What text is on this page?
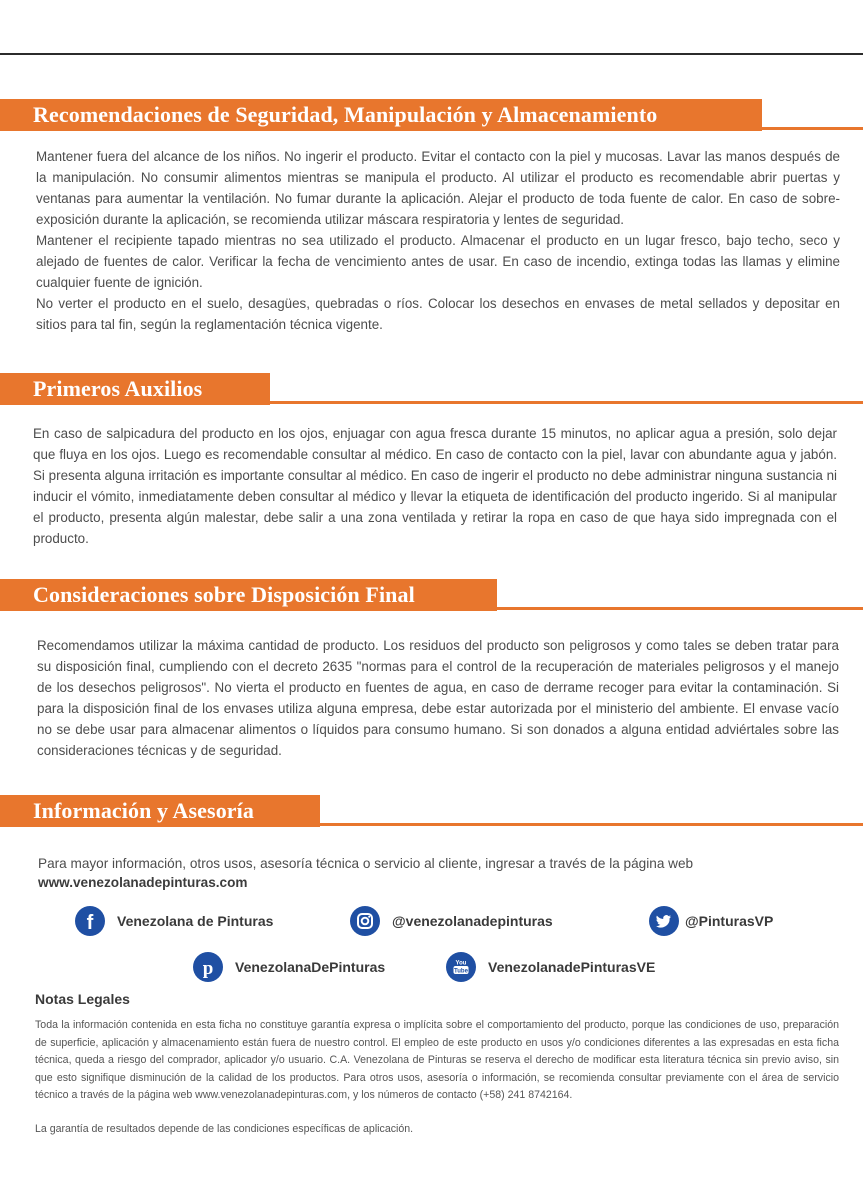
Recomendaciones de Seguridad, Manipulación y Almacenamiento

Mantener fuera del alcance de los niños. No ingerir el producto. Evitar el contacto con la piel y mucosas. Lavar las manos después de la manipulación. No consumir alimentos mientras se manipula el producto. Al utilizar el producto es recomendable abrir puertas y ventanas para aumentar la ventilación. No fumar durante la aplicación. Alejar el producto de toda fuente de calor. En caso de sobre-exposición durante la aplicación, se recomienda utilizar máscara respiratoria y lentes de seguridad.

Mantener el recipiente tapado mientras no sea utilizado el producto. Almacenar el producto en un lugar fresco, bajo techo, seco y alejado de fuentes de calor. Verificar la fecha de vencimiento antes de usar. En caso de incendio, extinga todas las llamas y elimine cualquier fuente de ignición.

No verter el producto en el suelo, desagües, quebradas o ríos. Colocar los desechos en envases de metal sellados y depositar en sitios para tal fin, según la reglamentación técnica vigente.

Primeros Auxilios

En caso de salpicadura del producto en los ojos, enjuagar con agua fresca durante 15 minutos, no aplicar agua a presión, solo dejar que fluya en los ojos. Luego es recomendable consultar al médico. En caso de contacto con la piel, lavar con abundante agua y jabón. Si presenta alguna irritación es importante consultar al médico. En caso de ingerir el producto no debe administrar ninguna sustancia ni inducir el vómito, inmediatamente deben consultar al médico y llevar la etiqueta de identificación del producto ingerido. Si al manipular el producto, presenta algún malestar, debe salir a una zona ventilada y retirar la ropa en caso de que haya sido impregnada con el producto.

Consideraciones sobre Disposición Final

Recomendamos utilizar la máxima cantidad de producto. Los residuos del producto son peligrosos y como tales se deben tratar para su disposición final, cumpliendo con el decreto 2635 "normas para el control de la recuperación de materiales peligrosos y el manejo de los desechos peligrosos". No vierta el producto en fuentes de agua, en caso de derrame recoger para evitar la contaminación. Si para la disposición final de los envases utiliza alguna empresa, debe estar autorizada por el ministerio del ambiente. El envase vacío no se debe usar para almacenar alimentos o líquidos para consumo humano. Si son donados a alguna entidad adviértales sobre las consideraciones técnicas y de seguridad.

Información y Asesoría
Para mayor información, otros usos, asesoría técnica o servicio al cliente, ingresar a través de la página web
www.venezolanadepinturas.com
f Venezolana de Pinturas	@venezolanadepinturas	@PinturasVP
p VenezolanaDePinturas	You
Tube VenezolanadePinturasVE
Notas Legales

Toda la información contenida en esta ficha no constituye garantía expresa o implícita sobre el comportamiento del producto, porque las condiciones de uso, preparación de superficie, aplicación y almacenamiento están fuera de nuestro control. El empleo de este producto en usos y/o condiciones diferentes a las expresadas en esta ficha técnica, queda a riesgo del comprador, aplicador y/o usuario. C.A. Venezolana de Pinturas se reserva el derecho de modificar esta literatura técnica sin previo aviso, sin que esto signifique disminución de la calidad de los productos. Para otros usos, asesoría o información, se recomienda consultar previamente con el área de servicio técnico a través de la página web www.venezolanadepinturas.com, y los números de contacto (+58) 241 8742164.

La garantía de resultados depende de las condiciones específicas de aplicación.
